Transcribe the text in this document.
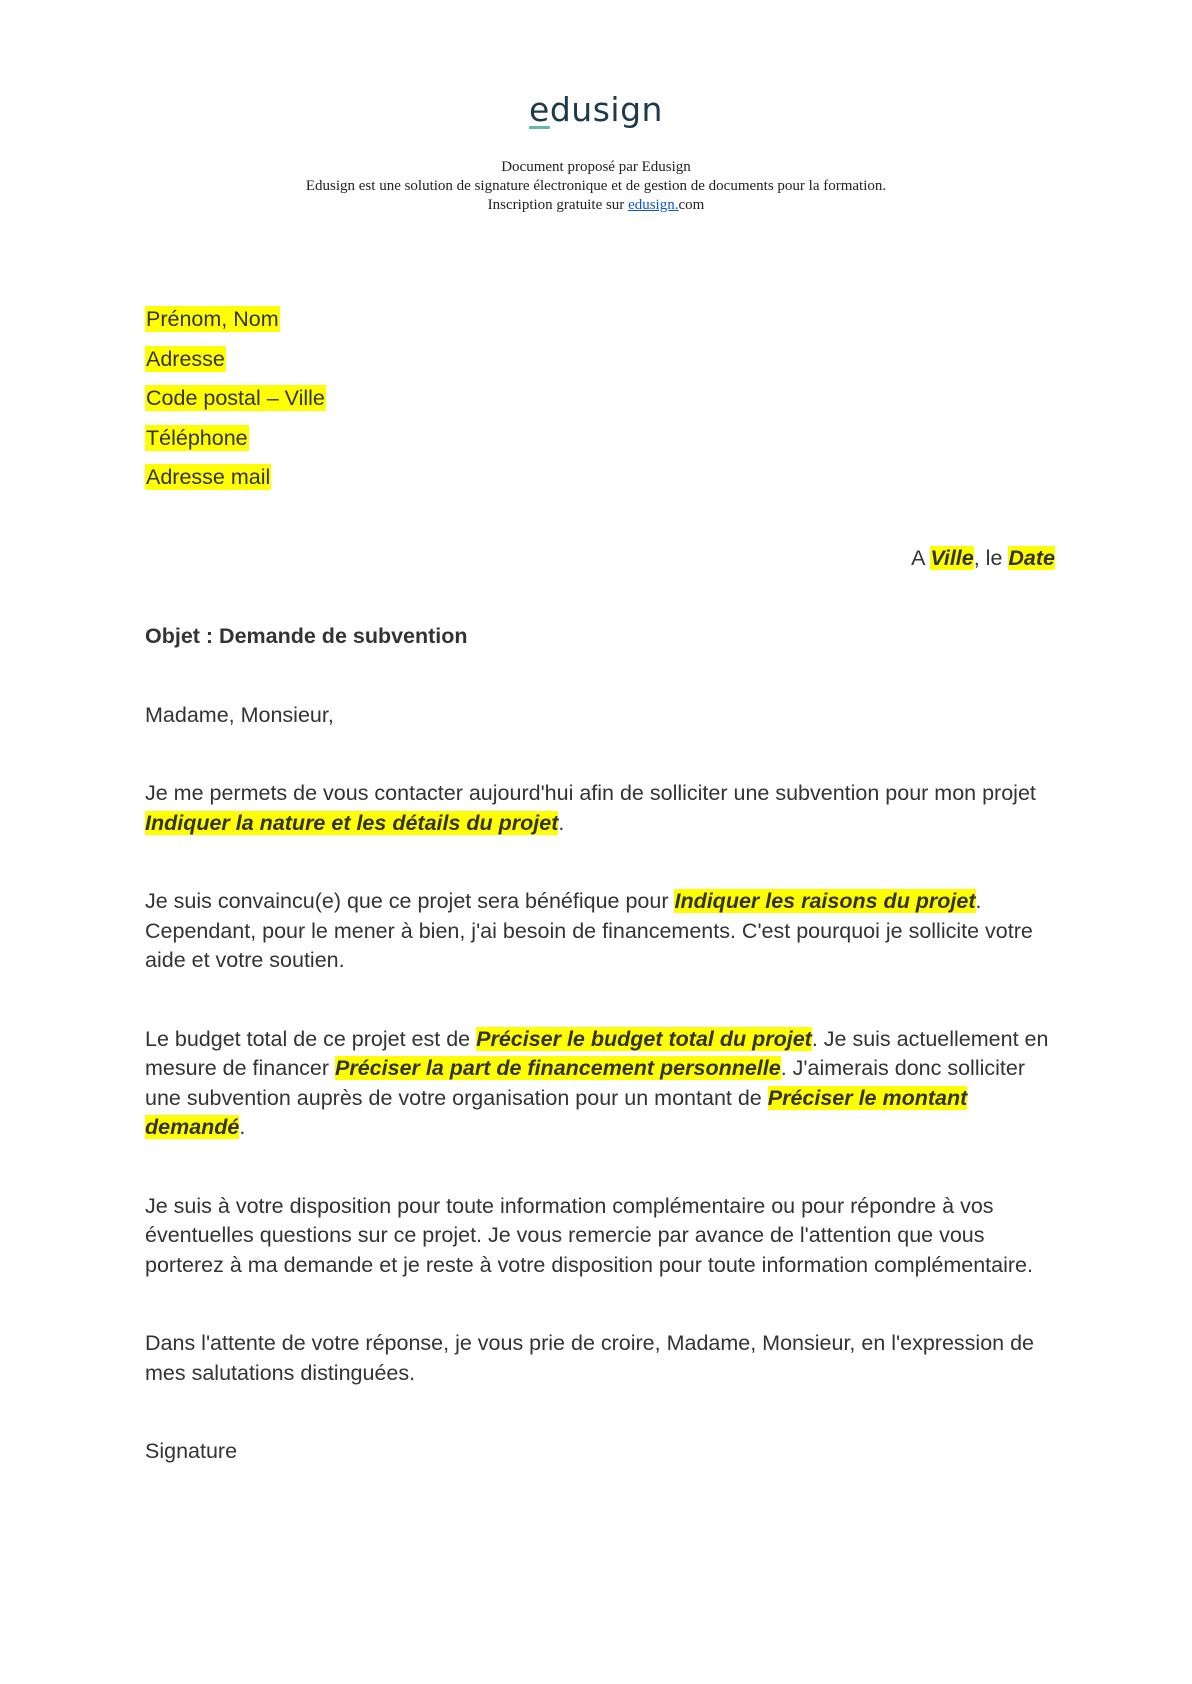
edusign
Document proposé par Edusign
Edusign est une solution de signature électronique et de gestion de documents pour la formation.
Inscription gratuite sur edusign.com
Prénom, Nom
Adresse
Code postal – Ville
Téléphone
Adresse mail

A Ville, le Date

Objet : Demande de subvention

Madame, Monsieur,

Je me permets de vous contacter aujourd'hui afin de solliciter une subvention pour mon projet Indiquer la nature et les détails du projet.

Je suis convaincu(e) que ce projet sera bénéfique pour Indiquer les raisons du projet. Cependant, pour le mener à bien, j'ai besoin de financements. C'est pourquoi je sollicite votre aide et votre soutien.

Le budget total de ce projet est de Préciser le budget total du projet. Je suis actuellement en mesure de financer Préciser la part de financement personnelle. J'aimerais donc solliciter une subvention auprès de votre organisation pour un montant de Préciser le montant demandé.

Je suis à votre disposition pour toute information complémentaire ou pour répondre à vos éventuelles questions sur ce projet. Je vous remercie par avance de l'attention que vous porterez à ma demande et je reste à votre disposition pour toute information complémentaire.

Dans l'attente de votre réponse, je vous prie de croire, Madame, Monsieur, en l'expression de mes salutations distinguées.

Signature
